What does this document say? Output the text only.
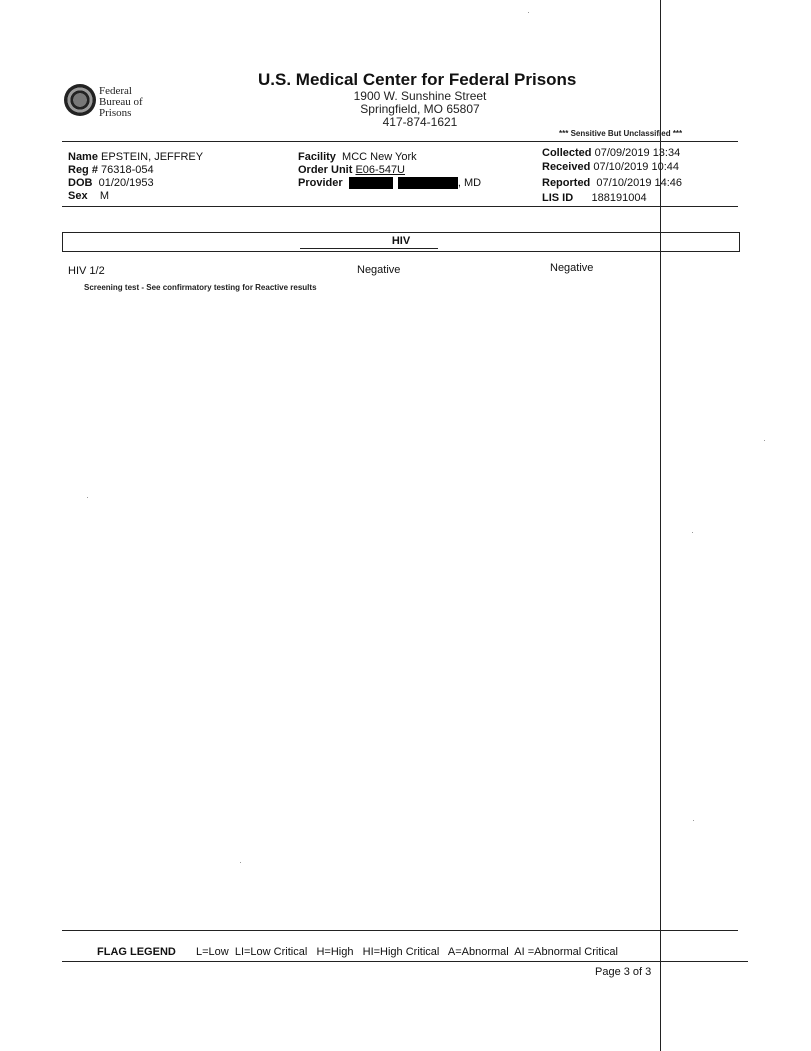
Federal
Bureau of
Prisons
U.S. Medical Center for Federal Prisons
1900 W. Sunshine Street
Springfield, MO 65807
417-874-1621
*** Sensitive But Unclassified ***
Name EPSTEIN, JEFFREY
Reg # 76318-054
DOB 01/20/1953
Sex M
Facility MCC New York
Order Unit E06-547U
Provider	, MD
Collected 07/09/2019 13:34
Received 07/10/2019 10:44
Reported 07/10/2019 14:46
LIS ID 188191004
HIV
HIV 1/2	Negative	Negative
Screening test - See confirmatory testing for Reactive results
FLAG LEGEND L=Low LI=Low Critical H=High HI=High Critical A=Abnormal AI =Abnormal Critical
Page 3 of 3
